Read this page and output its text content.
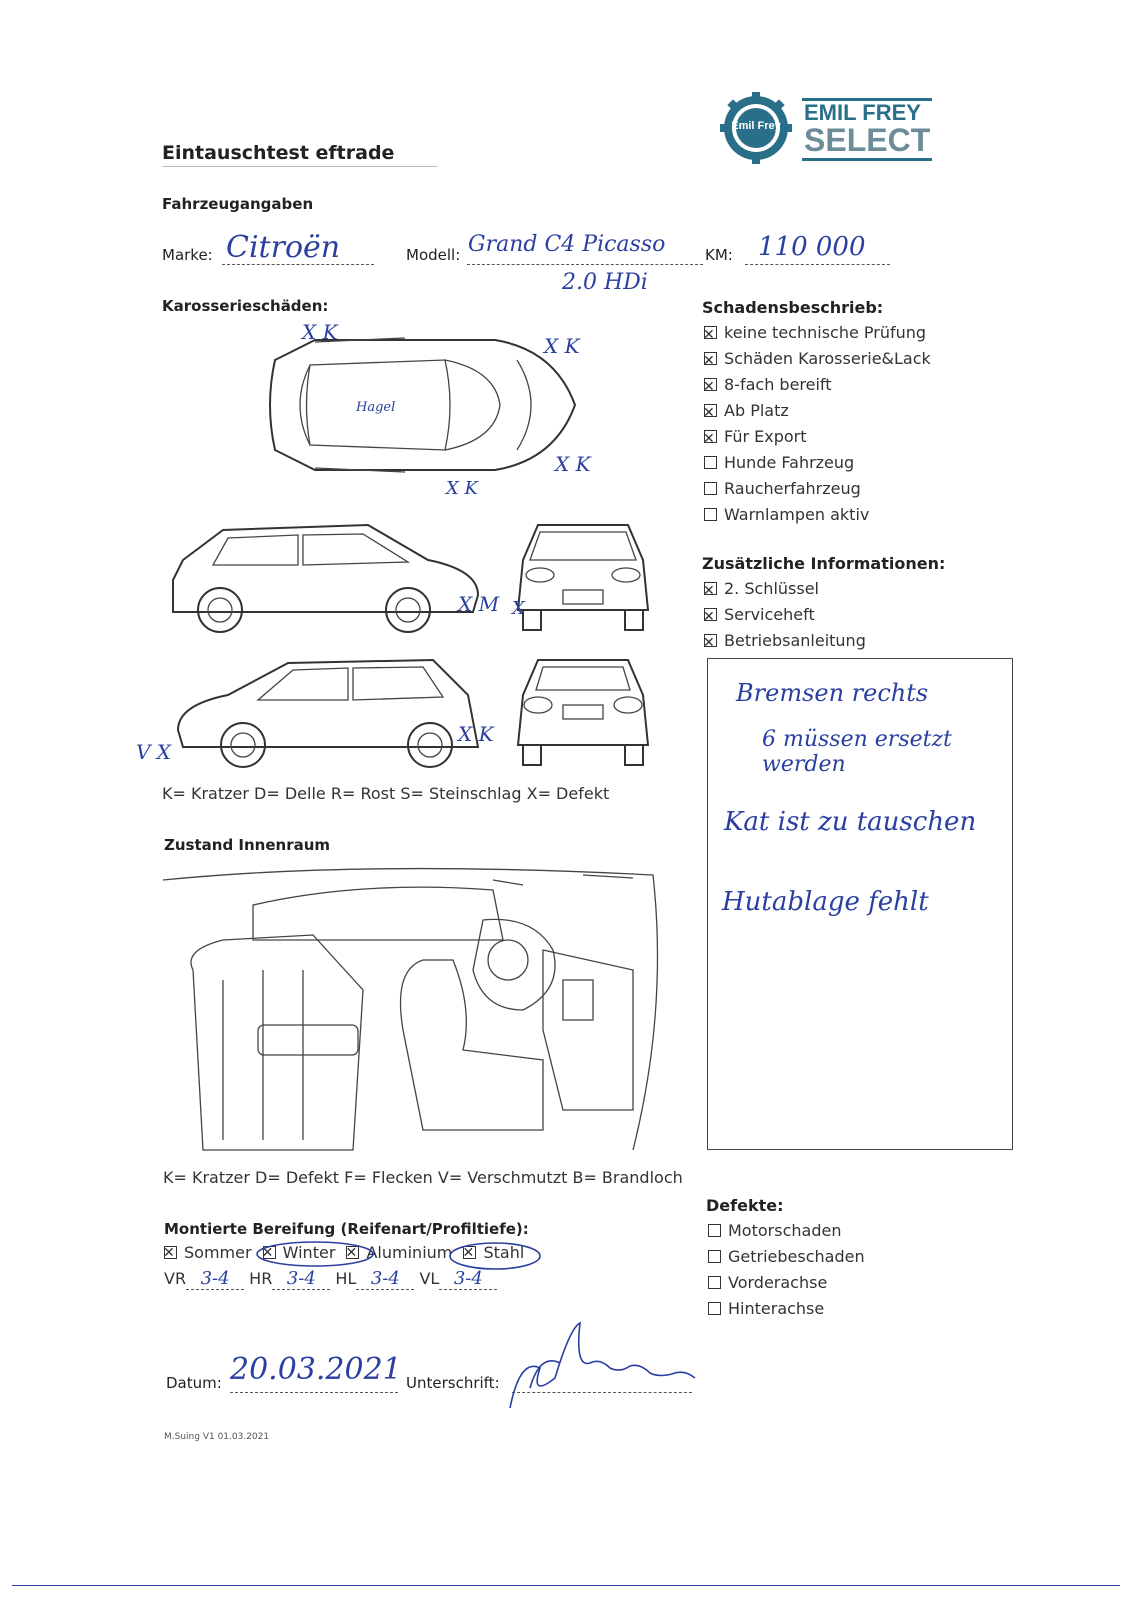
Emil Frey
EMIL FREY
SELECT
Eintauschtest eftrade
Fahrzeugangaben
Marke: Citroën	Modell: Grand C4 Picasso
2.0 HDi
KM: 110 000
Karosserieschäden:
X K
X K
Hagel
X K
X K
X M X
V X
X K
K= Kratzer D= Delle R= Rost S= Steinschlag X= Defekt
Schadensbeschrieb:
✕keine technische Prüfung
✕Schäden Karosserie&Lack
✕8-fach bereift
✕Ab Platz
✕Für Export
Hunde Fahrzeug
Raucherfahrzeug
Warnlampen aktiv
Zusätzliche Informationen:
✕2. Schlüssel
✕Serviceheft
✕Betriebsanleitung
Bremsen rechts
6 müssen ersetzt werden
Kat ist zu tauschen
Hutablage fehlt
Zustand Innenraum
K= Kratzer D= Defekt F= Flecken V= Verschmutzt B= Brandloch
Montierte Bereifung (Reifenart/Profiltiefe):
✕Sommer ✕ Winter ✕ Aluminium ✕ Stahl
VR 3-4 HR 3-4 HL 3-4 VL 3-4
Defekte:
Motorschaden
Getriebeschaden
Vorderachse
Hinterachse
Datum: 20.03.2021 Unterschrift:
M.Suing V1 01.03.2021
